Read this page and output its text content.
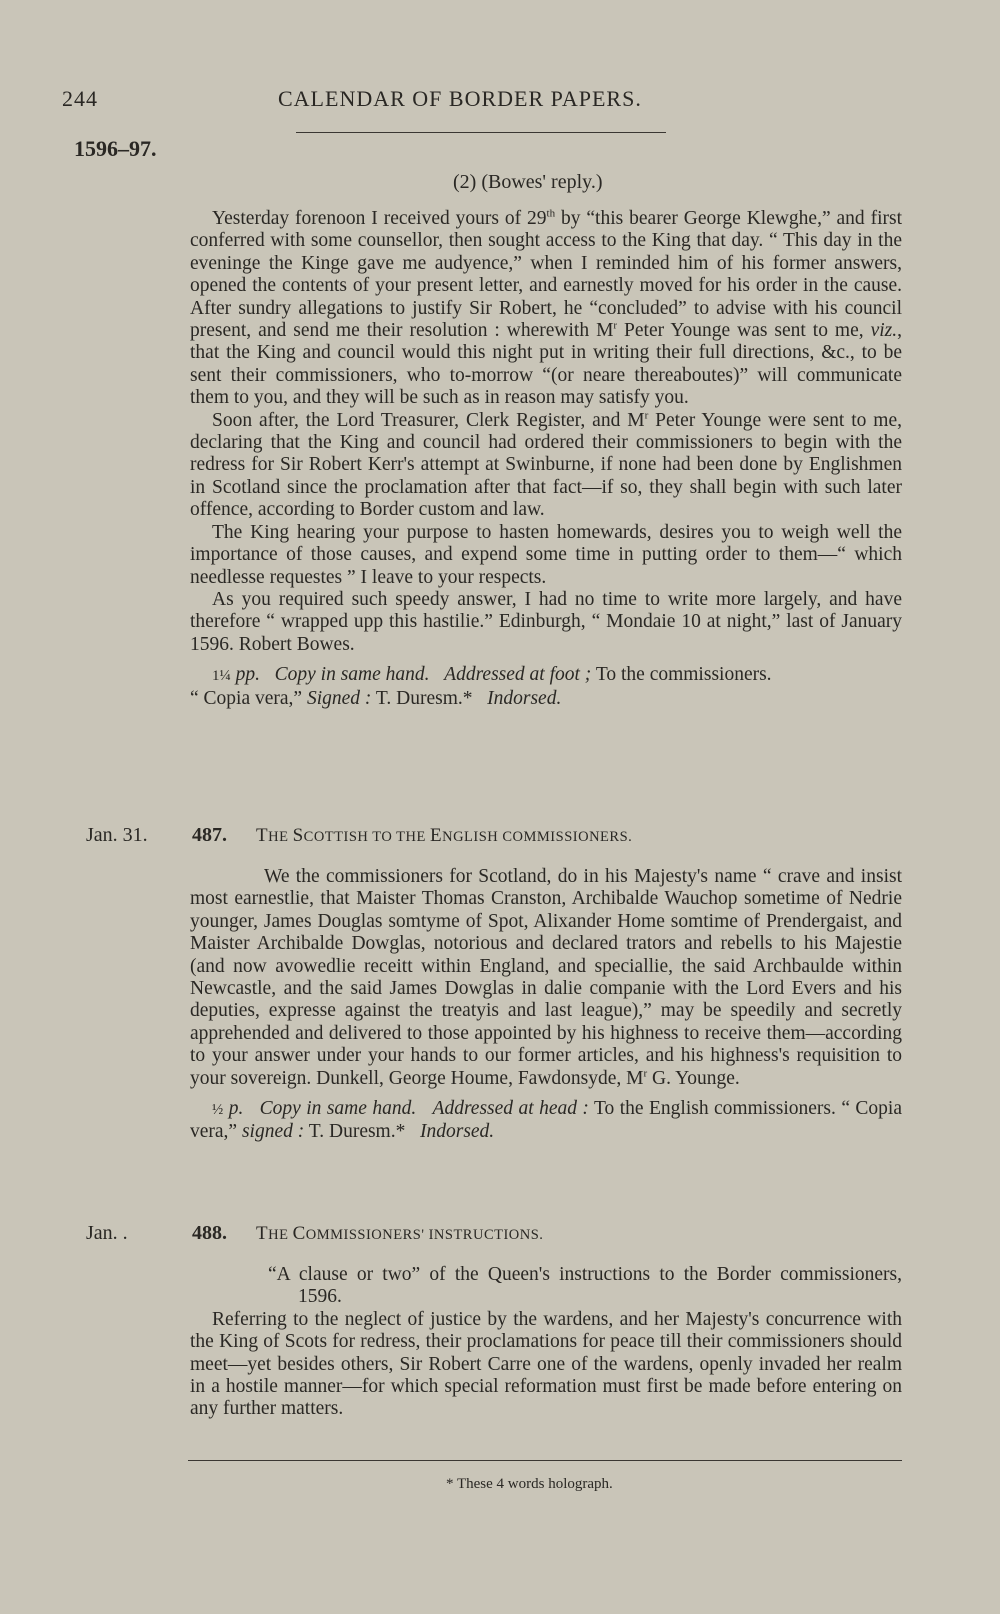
244	CALENDAR OF BORDER PAPERS.
1596–97.
(2) (Bowes' reply.)

Yesterday forenoon I received yours of 29th by “this bearer George Klewghe,” and first conferred with some counsellor, then sought access to the King that day. “ This day in the eveninge the Kinge gave me audyence,” when I reminded him of his former answers, opened the contents of your present letter, and earnestly moved for his order in the cause. After sundry allegations to justify Sir Robert, he “concluded” to advise with his council present, and send me their resolution : wherewith $M^r$ Peter Younge was sent to me, viz., that the King and council would this night put in writing their full directions, &c., to be sent their commissioners, who to-morrow “(or neare thereaboutes)” will communicate them to you, and they will be such as in reason may satisfy you.

Soon after, the Lord Treasurer, Clerk Register, and $M^r$ Peter Younge were sent to me, declaring that the King and council had ordered their commissioners to begin with the redress for Sir Robert Kerr's attempt at Swinburne, if none had been done by Englishmen in Scotland since the proclamation after that fact—if so, they shall begin with such later offence, according to Border custom and law.

The King hearing your purpose to hasten homewards, desires you to weigh well the importance of those causes, and expend some time in putting order to them—“ which needlesse requestes ” I leave to your respects.

As you required such speedy answer, I had no time to write more largely, and have therefore “ wrapped upp this hastilie.” Edinburgh, “ Mondaie 10 at night,” last of January 1596. Robert Bowes.

1¼ pp. Copy in same hand. Addressed at foot ; To the commissioners.
“ Copia vera,” Signed : T. Duresm.*   Indorsed.

Jan. 31. 487. THE SCOTTISH TO THE ENGLISH COMMISSIONERS.

We the commissioners for Scotland, do in his Majesty's name “ crave and insist most earnestlie, that Maister Thomas Cranston, Archibalde Wauchop sometime of Nedrie younger, James Douglas somtyme of Spot, Alixander Home somtime of Prendergaist, and Maister Archibalde Dowglas, notorious and declared trators and rebells to his Majestie (and now avowedlie receitt within England, and speciallie, the said Archbaulde within Newcastle, and the said James Dowglas in dalie companie with the Lord Evers and his deputies, expresse against the treatyis and last league),” may be speedily and secretly apprehended and delivered to those appointed by his highness to receive them—according to your answer under your hands to our former articles, and his highness's requisition to your sovereign. Dunkell, George Houme, Fawdonsyde, $M^r$ G. Younge.

½ p. Copy in same hand. Addressed at head : To the English commissioners. “ Copia vera,” signed : T. Duresm.*   Indorsed.

Jan. .	488. THE COMMISSIONERS' INSTRUCTIONS.

“A clause or two” of the Queen's instructions to the Border commissioners, 1596.

Referring to the neglect of justice by the wardens, and her Majesty's concurrence with the King of Scots for redress, their proclamations for peace till their commissioners should meet—yet besides others, Sir Robert Carre one of the wardens, openly invaded her realm in a hostile manner—for which special reformation must first be made before entering on any further matters.

* These 4 words holograph.
